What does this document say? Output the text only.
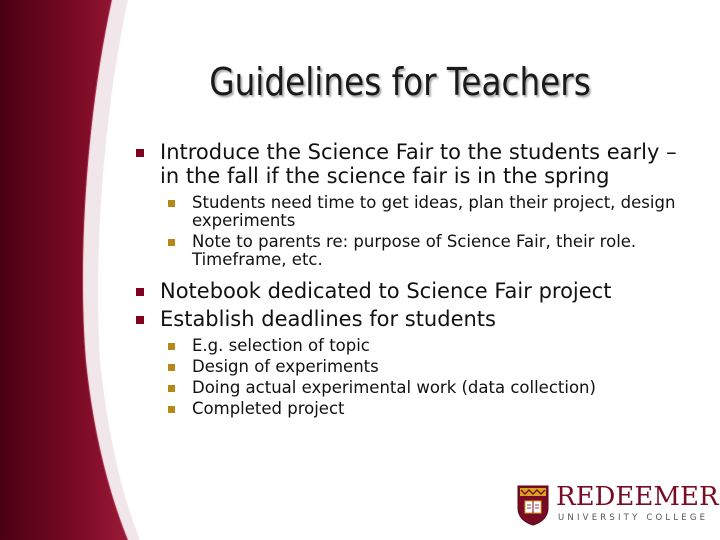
Guidelines for Teachers
Introduce the Science Fair to the students early – in the fall if the science fair is in the spring
Students need time to get ideas, plan their project, design experiments
Note to parents re: purpose of Science Fair, their role. Timeframe, etc.
Notebook dedicated to Science Fair project
Establish deadlines for students
E.g. selection of topic
Design of experiments
Doing actual experimental work (data collection)
Completed project
REDEEMER
UNIVERSITY COLLEGE
